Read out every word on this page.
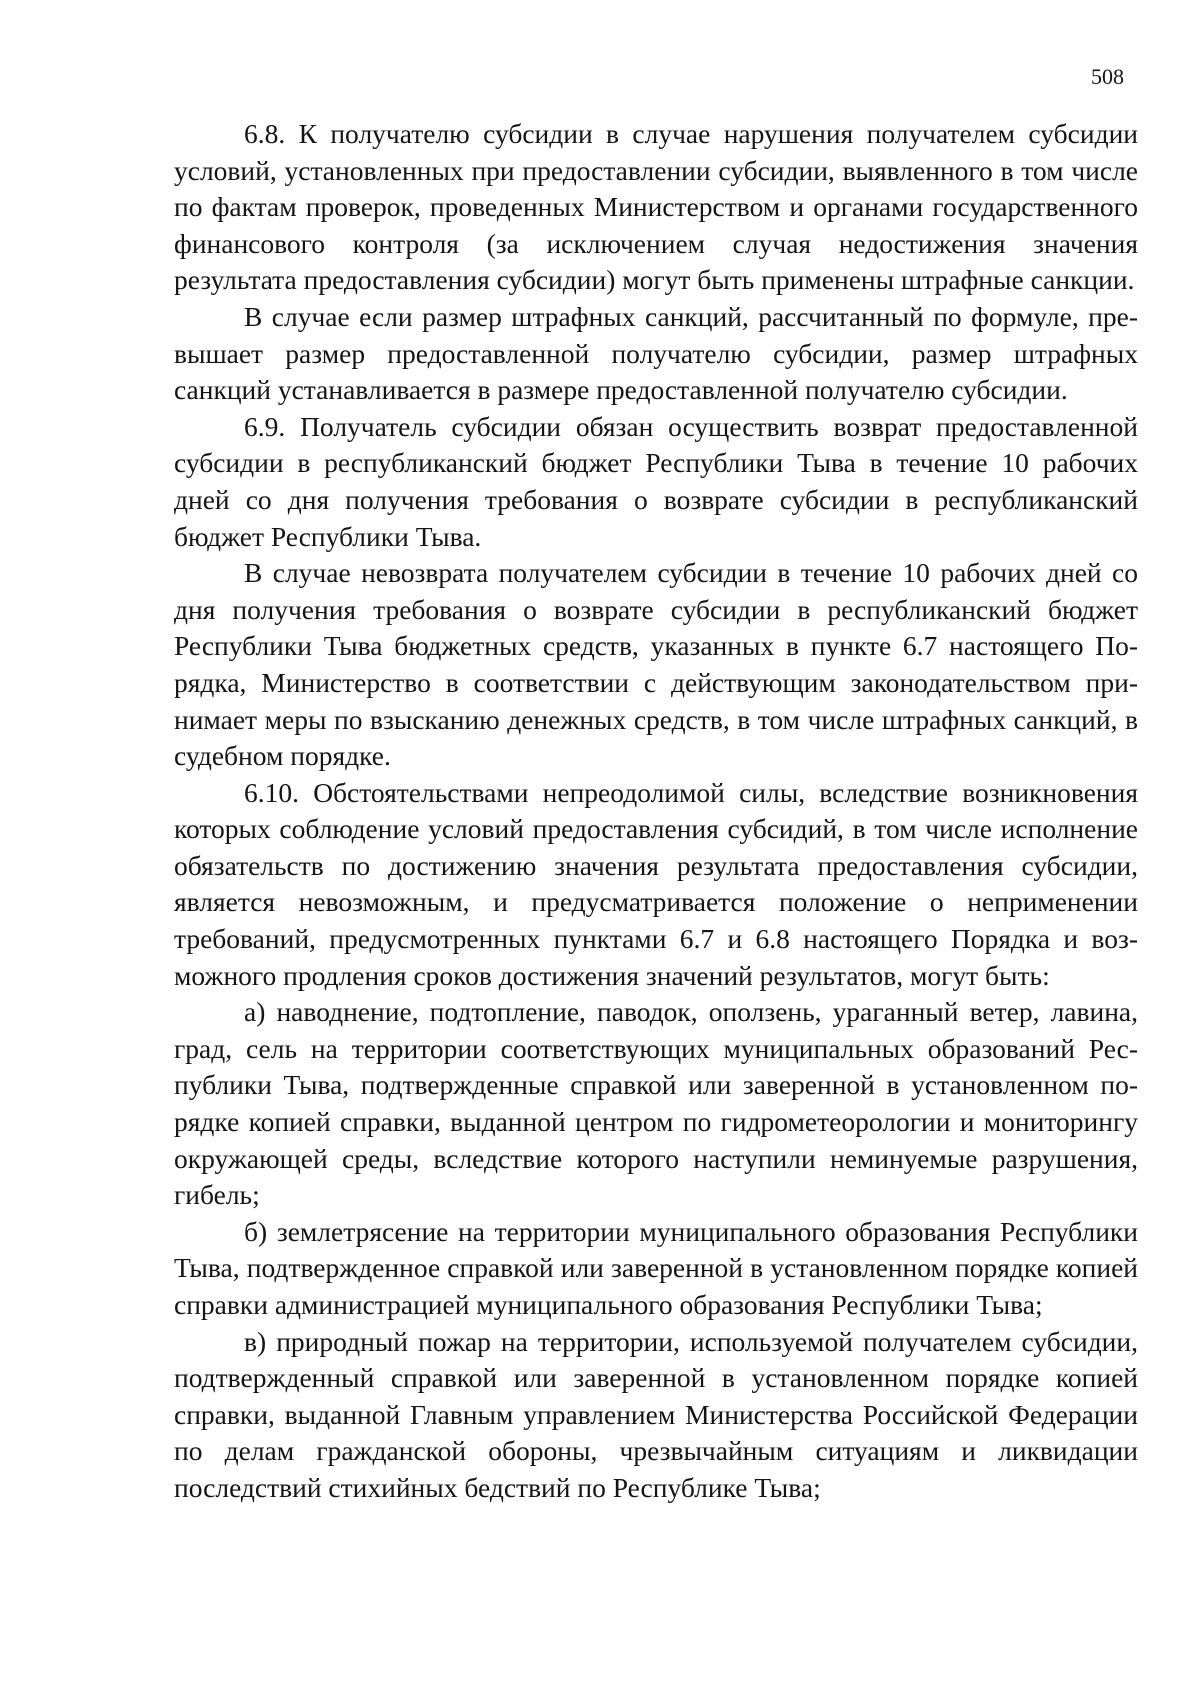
508

6.8. К получателю субсидии в случае нарушения получателем субсидии условий, установленных при предоставлении субсидии, выявленного в том числе по фактам проверок, проведенных Министерством и органами государственного финансового контроля (за исключением случая недостижения значения результата предоставления субсидии) могут быть применены штрафные санкции.

В случае если размер штрафных санкций, рассчитанный по формуле, превышает размер предоставленной получателю субсидии, размер штрафных санкций устанавливается в размере предоставленной получателю субсидии.

6.9. Получатель субсидии обязан осуществить возврат предоставленной субсидии в республиканский бюджет Республики Тыва в течение 10 рабочих дней со дня получения требования о возврате субсидии в республиканский бюджет Республики Тыва.

В случае невозврата получателем субсидии в течение 10 рабочих дней со дня получения требования о возврате субсидии в республиканский бюджет Республики Тыва бюджетных средств, указанных в пункте 6.7 настоящего Порядка, Министерство в соответствии с действующим законодательством принимает меры по взысканию денежных средств, в том числе штрафных санкций, в судебном порядке.

6.10. Обстоятельствами непреодолимой силы, вследствие возникновения которых соблюдение условий предоставления субсидий, в том числе исполнение обязательств по достижению значения результата предоставления субсидии, является невозможным, и предусматривается положение о неприменении требований, предусмотренных пунктами 6.7 и 6.8 настоящего Порядка и возможного продления сроков достижения значений результатов, могут быть:

а) наводнение, подтопление, паводок, оползень, ураганный ветер, лавина, град, сель на территории соответствующих муниципальных образований Республики Тыва, подтвержденные справкой или заверенной в установленном порядке копией справки, выданной центром по гидрометеорологии и мониторингу окружающей среды, вследствие которого наступили неминуемые разрушения, гибель;

б) землетрясение на территории муниципального образования Республики Тыва, подтвержденное справкой или заверенной в установленном порядке копией справки администрацией муниципального образования Республики Тыва;

в) природный пожар на территории, используемой получателем субсидии, подтвержденный справкой или заверенной в установленном порядке копией справки, выданной Главным управлением Министерства Российской Федерации по делам гражданской обороны, чрезвычайным ситуациям и ликвидации последствий стихийных бедствий по Республике Тыва;
